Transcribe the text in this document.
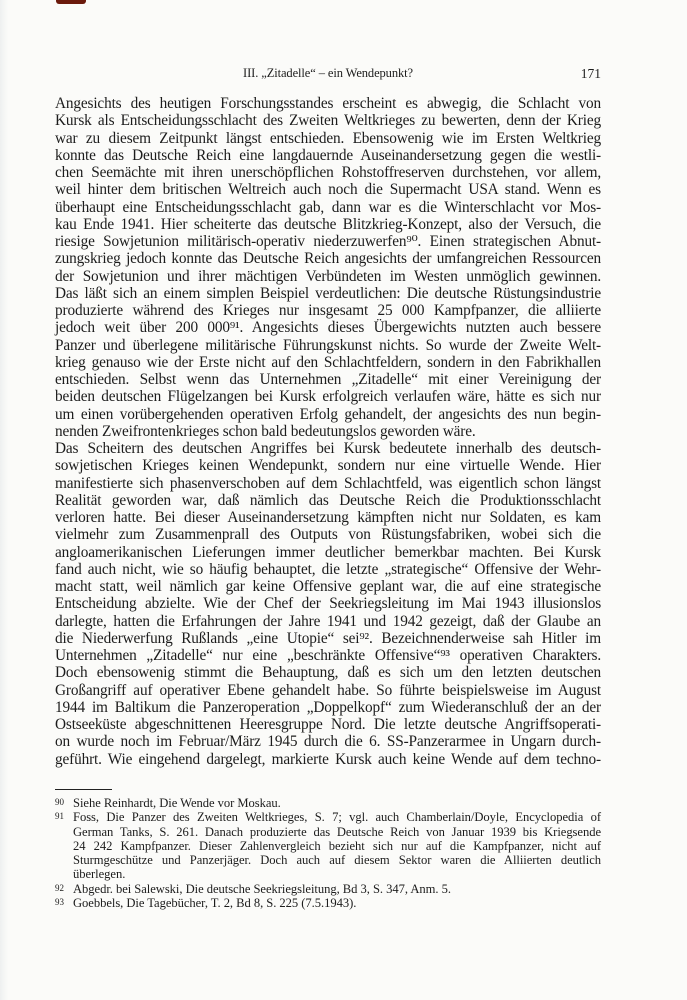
III. „Zitadelle“ – ein Wendepunkt?	171
Angesichts des heutigen Forschungsstandes erscheint es abwegig, die Schlacht von
Kursk als Entscheidungsschlacht des Zweiten Weltkrieges zu bewerten, denn der Krieg
war zu diesem Zeitpunkt längst entschieden. Ebensowenig wie im Ersten Weltkrieg
konnte das Deutsche Reich eine langdauernde Auseinandersetzung gegen die westli-
chen Seemächte mit ihren unerschöpflichen Rohstoffreserven durchstehen, vor allem,
weil hinter dem britischen Weltreich auch noch die Supermacht USA stand. Wenn es
überhaupt eine Entscheidungsschlacht gab, dann war es die Winterschlacht vor Mos-
kau Ende 1941. Hier scheiterte das deutsche Blitzkrieg-Konzept, also der Versuch, die
riesige Sowjetunion militärisch-operativ niederzuwerfen⁹⁰. Einen strategischen Abnut-
zungskrieg jedoch konnte das Deutsche Reich angesichts der umfangreichen Ressourcen
der Sowjetunion und ihrer mächtigen Verbündeten im Westen unmöglich gewinnen.
Das läßt sich an einem simplen Beispiel verdeutlichen: Die deutsche Rüstungsindustrie
produzierte während des Krieges nur insgesamt 25 000 Kampfpanzer, die alliierte
jedoch weit über 200 000⁹¹. Angesichts dieses Übergewichts nutzten auch bessere
Panzer und überlegene militärische Führungskunst nichts. So wurde der Zweite Welt-
krieg genauso wie der Erste nicht auf den Schlachtfeldern, sondern in den Fabrikhallen
entschieden. Selbst wenn das Unternehmen „Zitadelle“ mit einer Vereinigung der
beiden deutschen Flügelzangen bei Kursk erfolgreich verlaufen wäre, hätte es sich nur
um einen vorübergehenden operativen Erfolg gehandelt, der angesichts des nun begin-
nenden Zweifrontenkrieges schon bald bedeutungslos geworden wäre.
Das Scheitern des deutschen Angriffes bei Kursk bedeutete innerhalb des deutsch-
sowjetischen Krieges keinen Wendepunkt, sondern nur eine virtuelle Wende. Hier
manifestierte sich phasenverschoben auf dem Schlachtfeld, was eigentlich schon längst
Realität geworden war, daß nämlich das Deutsche Reich die Produktionsschlacht
verloren hatte. Bei dieser Auseinandersetzung kämpften nicht nur Soldaten, es kam
vielmehr zum Zusammenprall des Outputs von Rüstungsfabriken, wobei sich die
angloamerikanischen Lieferungen immer deutlicher bemerkbar machten. Bei Kursk
fand auch nicht, wie so häufig behauptet, die letzte „strategische“ Offensive der Wehr-
macht statt, weil nämlich gar keine Offensive geplant war, die auf eine strategische
Entscheidung abzielte. Wie der Chef der Seekriegsleitung im Mai 1943 illusionslos
darlegte, hatten die Erfahrungen der Jahre 1941 und 1942 gezeigt, daß der Glaube an
die Niederwerfung Rußlands „eine Utopie“ sei⁹². Bezeichnenderweise sah Hitler im
Unternehmen „Zitadelle“ nur eine „beschränkte Offensive“⁹³ operativen Charakters.
Doch ebensowenig stimmt die Behauptung, daß es sich um den letzten deutschen
Großangriff auf operativer Ebene gehandelt habe. So führte beispielsweise im August
1944 im Baltikum die Panzeroperation „Doppelkopf“ zum Wiederanschluß der an der
Ostseeküste abgeschnittenen Heeresgruppe Nord. Die letzte deutsche Angriffsoperati-
on wurde noch im Februar/März 1945 durch die 6. SS-Panzerarmee in Ungarn durch-
geführt. Wie eingehend dargelegt, markierte Kursk auch keine Wende auf dem techno-
90 Siehe Reinhardt, Die Wende vor Moskau.
91 Foss, Die Panzer des Zweiten Weltkrieges, S. 7; vgl. auch Chamberlain/Doyle, Encyclopedia of
German Tanks, S. 261. Danach produzierte das Deutsche Reich von Januar 1939 bis Kriegsende
24 242 Kampfpanzer. Dieser Zahlenvergleich bezieht sich nur auf die Kampfpanzer, nicht auf
Sturmgeschütze und Panzerjäger. Doch auch auf diesem Sektor waren die Alliierten deutlich
überlegen.
92 Abgedr. bei Salewski, Die deutsche Seekriegsleitung, Bd 3, S. 347, Anm. 5.
93 Goebbels, Die Tagebücher, T. 2, Bd 8, S. 225 (7.5.1943).
